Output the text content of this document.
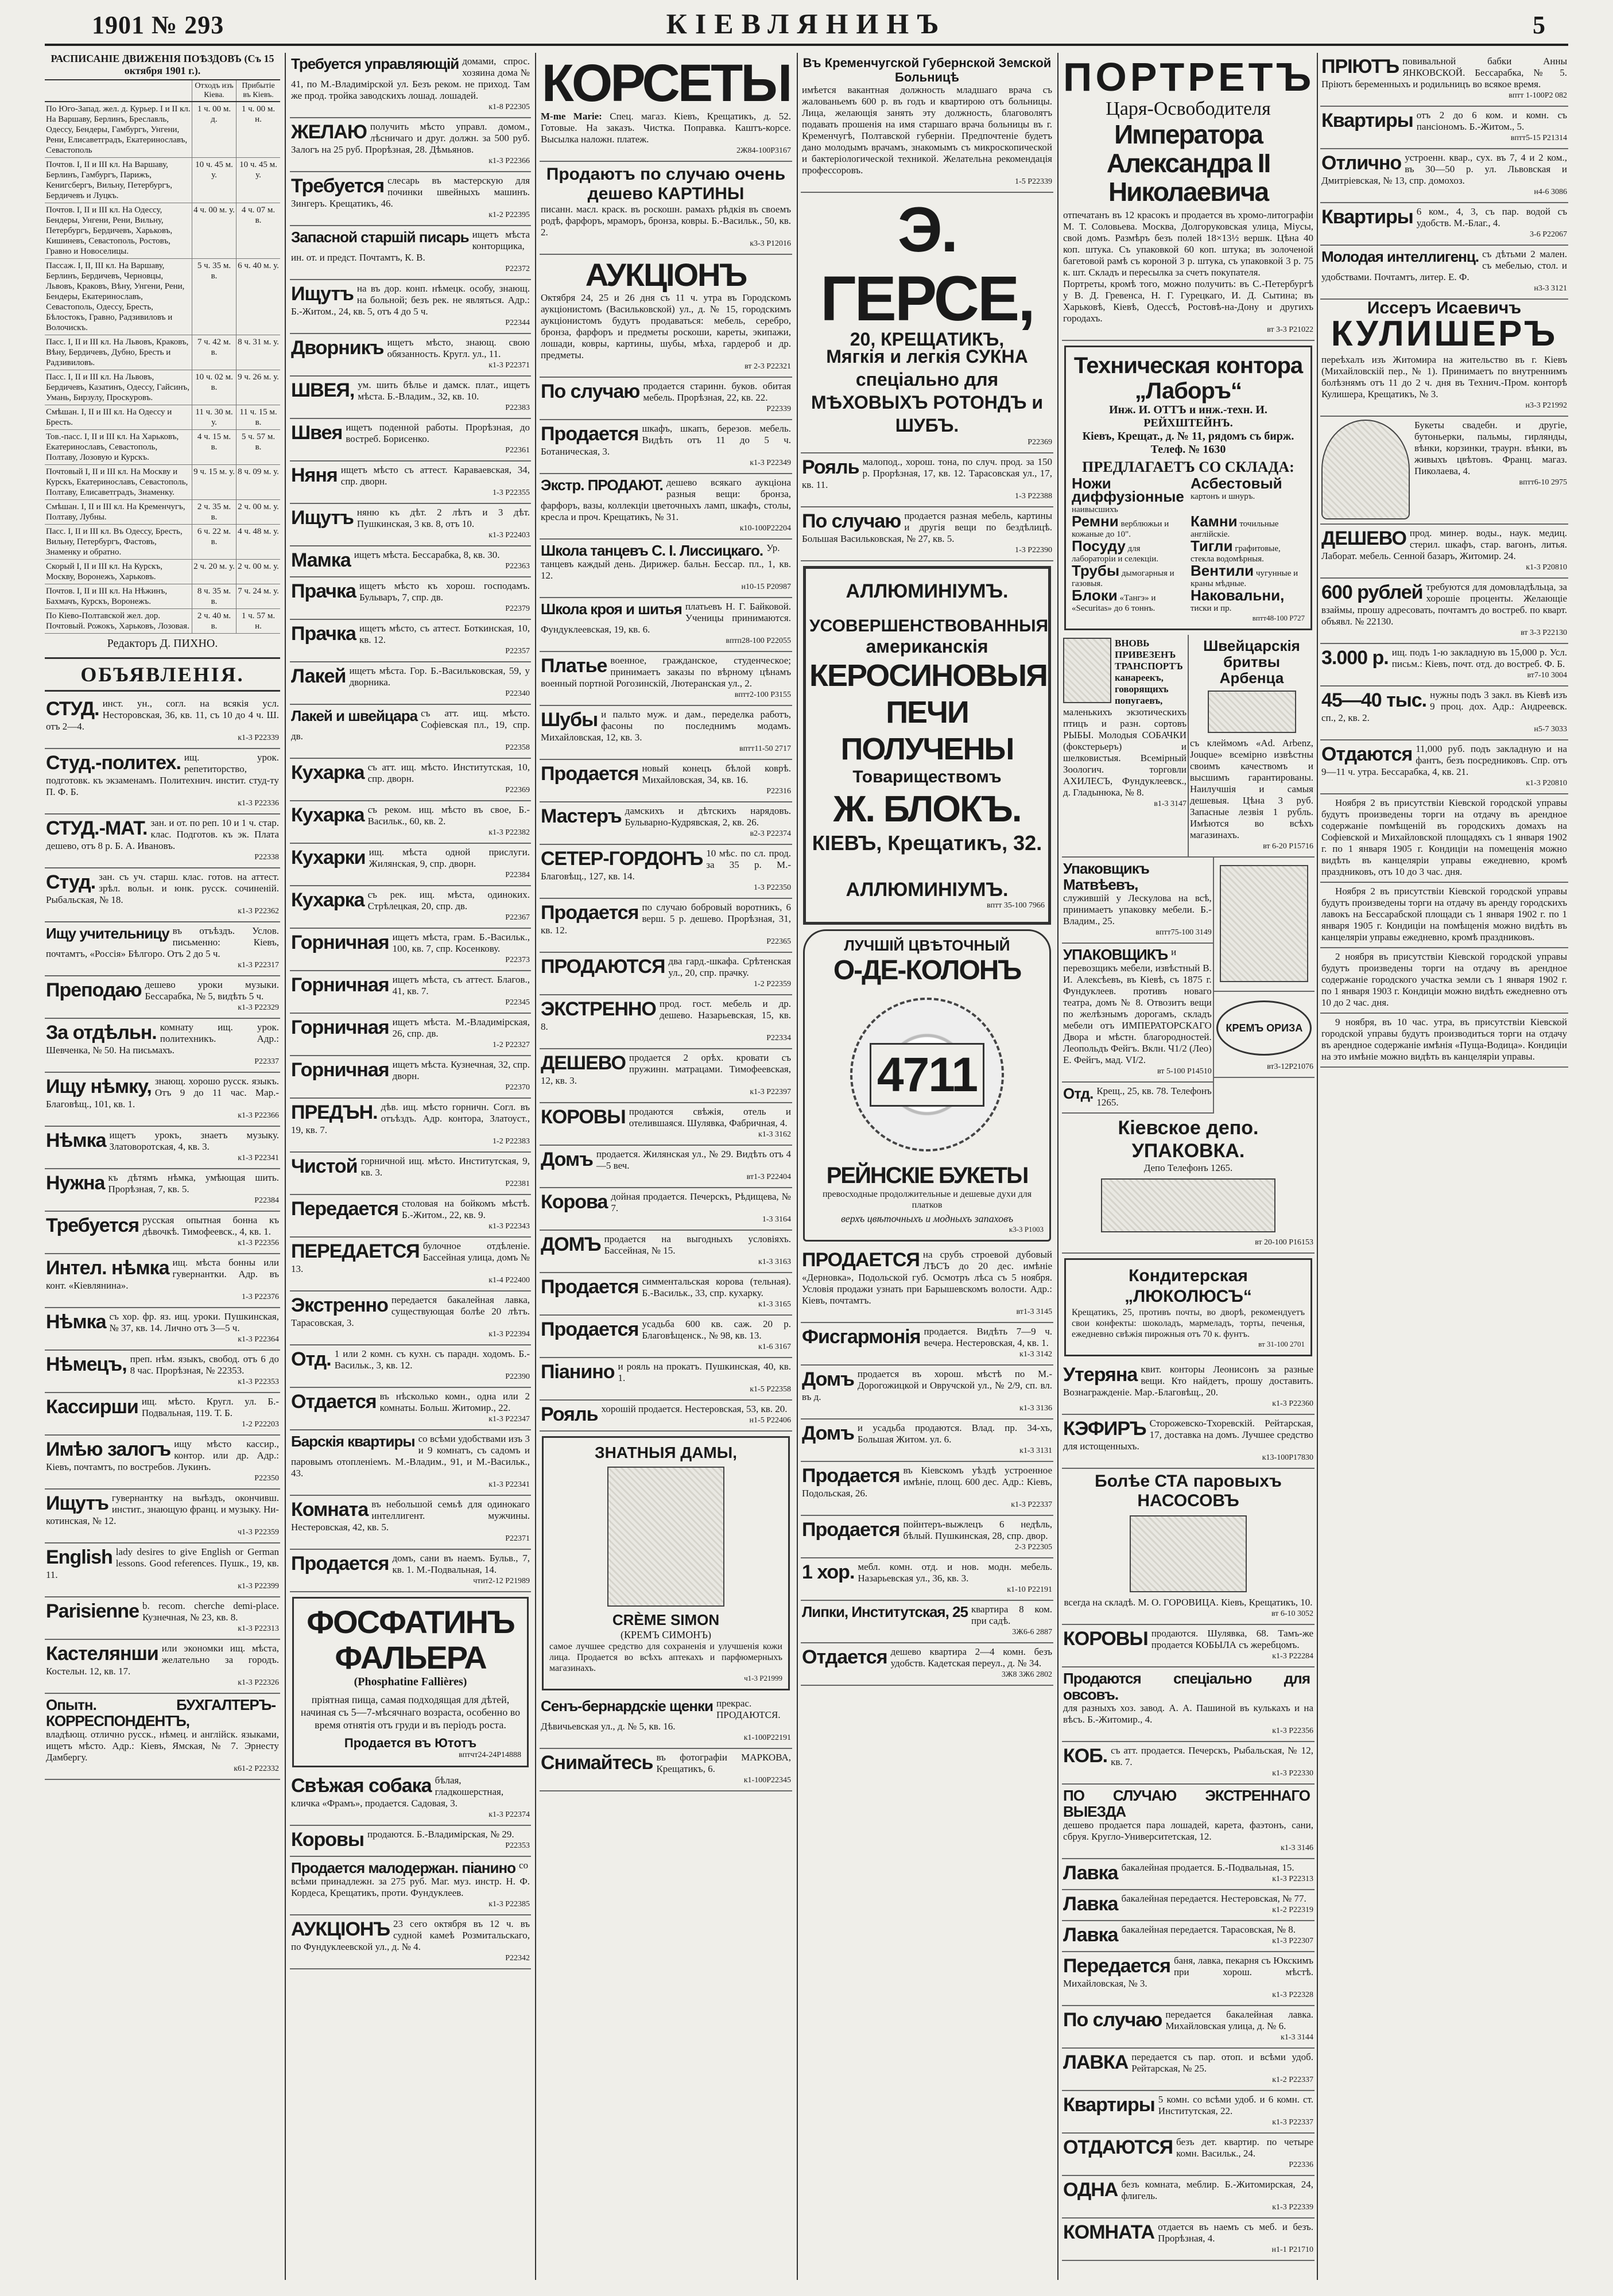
1901 № 293	КІЕВЛЯНИНЪ	5
РАСПИСАНІЕ ДВИЖЕНІЯ ПОѢЗДОВЪ (Съ 15 октября 1901 г.).
Отходъ изъ Кіева.
Прибытіе въ Кіевъ.
По Юго-Запад. жел. д. Курьер. I и II кл. На Варшаву, Берлинъ, Бреславль, Одессу, Бендеры, Гамбургъ, Унгени, Рени, Елисаветградъ, Екатеринославъ, Севастополь	1 ч. 00 м. д.	1 ч. 00 м. н.
Почтов. I, II и III кл. На Варшаву, Берлинъ, Гамбургъ, Парижъ, Кенигсбергъ, Вильну, Петербургъ, Бердичевъ и Луцкъ.	10 ч. 45 м. у.	10 ч. 45 м. у.
Почтов. I, II и III кл. На Одессу, Бендеры, Унгени, Рени, Вильну, Петербургъ, Бердичевъ, Харьковъ, Кишиневъ, Севастополь, Ростовъ, Гравно и Новоселицы.	4 ч. 00 м. у.	4 ч. 07 м. в.
Пассаж. I, II, III кл. На Варшаву, Берлинъ, Бердичевъ, Черновцы, Львовъ, Краковъ, Вѣну, Унгени, Рени, Бендеры, Екатеринославъ, Севастополь, Одессу, Бресть, Бѣлостокъ, Гравно, Радзивиловъ и Волочискъ.	5 ч. 35 м. в.	6 ч. 40 м. у.
Пасс. I, II и III кл. На Львовъ, Краковъ, Вѣну, Бердичевъ, Дубно, Бресть и Радзивиловъ.	7 ч. 42 м. в.	8 ч. 31 м. у.
Пасс. I, II и III кл. На Львовъ, Бердичевъ, Казатинъ, Одессу, Гайсинъ, Умань, Бирзулу, Проскуровъ.	10 ч. 02 м. в.	9 ч. 26 м. у.
Смѣшан. I, II и III кл. На Одессу и Бресть.	11 ч. 30 м. у.	11 ч. 15 м. в.
Тов.-пасс. I, II и III кл. На Харьковъ, Екатеринославъ, Севастополь, Полтаву, Лозовую и Курскъ.	4 ч. 15 м. в.	5 ч. 57 м. в.
Почтовый I, II и III кл. На Москву и Курскъ, Екатеринославъ, Севастополь, Полтаву, Елисаветградъ, Знаменку.	9 ч. 15 м. у.	8 ч. 09 м. у.
Смѣшан. I, II и III кл. На Кременчугъ, Полтаву, Лубны.	2 ч. 35 м. в.	2 ч. 00 м. у.
Пасс. I, II и III кл. Въ Одессу, Бресть, Вильну, Петербургъ, Фастовъ, Знаменку и обратно.	6 ч. 22 м. в.	4 ч. 48 м. у.
Скорый I, II и III кл. На Курскъ, Москву, Воронежъ, Харьковъ.	2 ч. 20 м. у.	2 ч. 00 м. у.
Почтов. I, II и III кл. На Нѣжинъ, Бахмачъ, Курскъ, Воронежъ.	8 ч. 35 м. в.	7 ч. 24 м. у.
По Кіево-Полтавской жел. дор. Почтовый. Рожокъ, Харьковъ, Лозовая.	2 ч. 40 м. в.	1 ч. 57 м. н.
Редакторъ Д. ПИХНО.
ОБЪЯВЛЕНІЯ.
СТУД. инст. ун., согл. на всякія усл. Несторовская, 36, кв. 11, съ 10 до 4 ч. Ш. отъ 2—4.
к1-3 Р22339
Студ.-политех. ищ. урок. репетиторство, подготовк. къ экзаменамъ. Политехнич. инстит. студ-ту П. Ф. Б.
к1-3 Р22336
СТУД.-МАТ. зан. и от. по реп. 10 и 1 ч. стар. клас. Подготов. къ эк. Плата дешево, отъ 8 р. Б. А. Ивановъ.
Р22338
Студ. зан. съ уч. старш. клас. готов. на аттест. зрѣл. вольн. и юнк. русск. сочиненій. Рыбальская, № 18.
к1-3 Р22362
Ищу учительницу въ отъѣздъ. Услов. письменно: Кіевъ, почтамтъ, «Россія» Бѣлгоро. Отъ 2 до 5 ч.
к1-3 Р22317
Преподаю дешево уроки музыки. Бессарабка, № 5, видѣть 5 ч.
к1-3 Р22329
За отдѣльн. комнату ищ. урок. политехникъ. Адр.: Шевченка, № 50. На письмахъ.
Р22337
Ищу нѣмку, знающ. хорошо русск. языкъ. Отъ 9 до 11 час. Мар.-Благовѣщ., 101, кв. 1.
к1-3 Р22366
Нѣмка ищетъ урокъ, знаетъ музыку. Златоворотская, 4, кв. 3.
к1-3 Р22341
Нужна къ дѣтямъ нѣмка, умѣющая шить. Прорѣзная, 7, кв. 5.
Р22384
Требуется русская опытная бонна къ дѣвочкѣ. Тимофеевск., 4, кв. 1.
к1-3 Р22356
Интел. нѣмка ищ. мѣста бонны или гувернантки. Адр. въ конт. «Кіевлянина».
1-3 Р22376
Нѣмка съ хор. фр. яз. ищ. уроки. Пушкинская, № 37, кв. 14. Лично отъ 3—5 ч.
к1-3 Р22364
Нѣмецъ, преп. нѣм. языкъ, свобод. отъ 6 до 8 час. Прорѣзная, № 22353.
к1-3 Р22353
Кассирши ищ. мѣсто. Кругл. ул. Б.-Подвальная, 119. Т. Б.
1-2 Р22203
Имѣю залогъ ищу мѣсто кассир., контор. или др. Адр.: Кіевъ, почтамтъ, по востребов. Лукинъ.
Р22350
Ищутъ гувернантку на выѣздъ, окончивш. инстит., знающую франц. и музыку. Ни-котинская, № 12.
ч1-3 Р22359
English lady desires to give English or German lessons. Good references. Пушк., 19, кв. 11.
к1-3 Р22399
Parisienne b. recom. cherche demi-place. Кузнечная, № 23, кв. 8.
к1-3 Р22313
Кастелянши или экономки ищ. мѣста, желательно за городъ. Костельн. 12, кв. 17.
к1-3 Р22326
Опытн. БУХГАЛТЕРЪ-КОРРЕСПОНДЕНТЪ,
владѣющ. отлично русск., нѣмец. и англійск. языками, ищетъ мѣсто. Адр.: Кіевъ, Ямская, № 7. Эрнесту Дамбергу.
к61-2 Р22332
Требуется управляющій домами, спрос. хозяина дома № 41, по М.-Владимірской ул. Безъ реком. не приход. Там же прод. тройка заводскихъ лошад. лошадей.
к1-8 Р22305
ЖЕЛАЮ получить мѣсто управл. домом., лѣсничаго и друг. должн. за 500 руб. Залогъ на 25 руб. Прорѣзная, 28. Дѣмьянов.
к1-3 Р22366
Требуется слесарь въ мастерскую для починки швейныхъ машинъ. Зингеръ. Крещатикъ, 46.
к1-2 Р22395
Запасной старшій писарь ищетъ мѣста конторщика, ин. от. и предст. Почтамтъ, К. В.
Р22372
Ищутъ на въ дор. конп. нѣмецк. особу, знающ. на больной; безъ рек. не являться. Адр.: Б.-Житом., 24, кв. 5, отъ 4 до 5 ч.
Р22344
Дворникъ ищетъ мѣсто, знающ. свою обязанность. Кругл. ул., 11.
к1-3 Р22371
ШВЕЯ, ум. шить бѣлье и дамск. плат., ищетъ мѣста. Б.-Владим., 32, кв. 10.
Р22383
Швея ищетъ поденной работы. Прорѣзная, до востреб. Борисенко.
Р22361
Няня ищетъ мѣсто съ аттест. Караваевская, 34, спр. дворн.
1-3 Р22355
Ищутъ няню къ дѣт. 2 лѣтъ и 3 дѣт. Пушкинская, 3 кв. 8, отъ 10.
к1-3 Р22403
Мамка ищетъ мѣста. Бессарабка, 8, кв. 30.
Р22363
Прачка ищетъ мѣсто къ хорош. господамъ. Бульваръ, 7, спр. дв.
Р22379
Прачка ищетъ мѣсто, съ аттест. Боткинская, 10, кв. 12.
Р22357
Лакей ищетъ мѣста. Гор. Б.-Васильковская, 59, у дворника.
Р22340
Лакей и швейцара съ атт. ищ. мѣсто. Софіевская пл., 19, спр. дв.
Р22358
Кухарка съ атт. ищ. мѣсто. Институтская, 10, спр. дворн.
Р22369
Кухарка съ реком. ищ. мѣсто въ свое, Б.-Васильк., 60, кв. 2.
к1-3 Р22382
Кухарки ищ. мѣста одной прислуги. Жилянская, 9, спр. дворн.
Р22384
Кухарка съ рек. ищ. мѣста, одиноких. Стрѣлецкая, 20, спр. дв.
Р22367
Горничная ищетъ мѣста, грам. Б.-Васильк., 100, кв. 7, спр. Косенкову.
Р22373
Горничная ищетъ мѣста, съ аттест. Благов., 41, кв. 7.
Р22345
Горничная ищетъ мѣста. М.-Владимірская, 26, спр. дв.
1-2 Р22327
Горничная ищетъ мѣста. Кузнечная, 32, спр. дворн.
Р22370
ПРЕДЪН. дѣв. ищ. мѣсто горничн. Согл. въ отъѣздъ. Адр. контора, Златоуст., 19, кв. 7.
1-2 Р22383
Чистой горничной ищ. мѣсто. Институтская, 9, кв. 3.
Р22381
Передается столовая на бойкомъ мѣстѣ. Б.-Житом., 22, кв. 9.
к1-3 Р22343
ПЕРЕДАЕТСЯ булочное отдѣленіе. Бассейная улица, домъ № 13.
к1-4 Р22400
Экстренно передается бакалейная лавка, существующая болѣе 20 лѣтъ. Тарасовская, 3.
к1-3 Р22394
Отд. 1 или 2 комн. съ кухн. съ парадн. ходомъ. Б.-Васильк., 3, кв. 12.
Р22390
Отдается въ нѣсколько комн., одна или 2 комнаты. Больш. Житомир., 22.
к1-3 Р22347
Барскія квартиры со всѣми удобствами изъ 3 и 9 комнатъ, съ садомъ и паровымъ отопленіемъ. М.-Владим., 91, и М.-Васильк., 43.
к1-3 Р22341
Комната въ небольшой семьѣ для одинокаго интеллигент. мужчины. Нестеровская, 42, кв. 5.
Р22371
Продается домъ, сани въ наемъ. Бульв., 7, кв. 1. М.-Подвальная, 14.
чтит2-12 Р21989
ФОСФАТИНЪ ФАЛЬЕРА
(Phosphatine Fallières)
пріятная пища, самая подходящая для дѣтей, начиная съ 5—7-мѣсячнаго возраста, особенно во время отнятія отъ груди и въ періодъ роста.
Продается въ Ютотъ
вптчт24-24Р14888
Свѣжая собака бѣлая, гладкошерстная, кличка «Фрамъ», продается. Садовая, 3.
к1-3 Р22374
Коровы продаются. Б.-Владимірская, № 29.
Р22353
Продается малодержан. піанино со всѣми принадлежн. за 275 руб. Маг. муз. инстр. Н. Ф. Кордеса, Крещатикъ, проти. Фундуклеев.
к1-3 Р22385
АУКЦІОНЪ 23 сего октября въ 12 ч. въ судной камеѣ Розмитальскаго, по Фундуклеевской ул., д. № 4.
Р22342
КОРСЕТЫ
M-me Marie: Спец. магаз. Кіевъ, Крещатикъ, д. 52. Готовые. На заказъ. Чистка. Поправка. Каштъ-корсе. Высылка наложн. платеж.
2Ж84-100Р3167
Продаютъ по случаю очень дешево КАРТИНЫ
писанн. масл. краск. въ роскошн. рамахъ рѣдкія въ своемъ родѣ, фарфоръ, мраморъ, бронза, ковры. Б.-Васильк., 50, кв. 2.
к3-3 Р12016
АУКЦІОНЪ
Октября 24, 25 и 26 дня съ 11 ч. утра въ Городскомъ аукціонистомъ (Васильковской) ул., д. № 15, городскимъ аукціонистомъ будутъ продаваться: мебель, серебро, бронза, фарфоръ и предметы роскоши, кареты, экипажи, лошади, ковры, картины, шубы, мѣха, гардероб и др. предметы.
вт 2-3 Р22321
По случаю продается старинн. буков. обитая мебель. Прорѣзная, 22, кв. 22.
Р22339
Продается шкафъ, шкапъ, березов. мебель. Видѣть отъ 11 до 5 ч. Ботаническая, 3.
к1-3 Р22349
Экстр. ПРОДАЮТ. дешево всякаго аукціона разныя вещи: бронза, фарфоръ, вазы, коллекціи цветочныхъ ламп, шкафъ, столы, кресла и проч. Крещатикъ, № 31.
к10-100Р22204
Школа танцевъ С. I. Лиссицкаго. Ур. танцевъ каждый день. Дирижер. бальн. Бессар. пл., 1, кв. 12.
н10-15 Р20987
Школа кроя и шитья платьевъ Н. Г. Байковой. Ученицы принимаются. Фундуклеевская, 19, кв. 6.
вптп28-100 Р22055
Платье военное, гражданское, студенческое; принимаетъ заказы по вѣрному цѣнамъ военный портной Рогозинскій, Лютеранская ул., 2.
вптт2-100 Р3155
Шубы и пальто муж. и дам., переделка работъ, фасоны по последнимъ модамъ. Михайловская, 12, кв. 3.
вптт11-50 2717
Продается новый конецъ бѣлой коврѣ. Михайловская, 34, кв. 16.
Р22316
Мастеръ дамскихъ и дѣтскихъ нарядовъ. Бульварно-Кудрявская, 2, кв. 26.
в2-3 Р22374
СЕТЕР-ГОРДОНЪ 10 мѣс. по сл. прод. за 35 р. М.-Благовѣщ., 127, кв. 14.
1-3 Р22350
Продается по случаю бобровый воротникъ, 6 верш. 5 р. дешево. Прорѣзная, 31, кв. 12.
Р22365
ПРОДАЮТСЯ два гард.-шкафа. Срѣтенская ул., 20, спр. прачку.
1-2 Р22359
ЭКСТРЕННО прод. гост. мебель и др. дешево. Назарьевская, 15, кв. 8.
Р22334
ДЕШЕВО продается 2 орѣх. кровати съ пружинн. матрацами. Тимофеевская, 12, кв. 3.
к1-3 Р22397
КОРОВЫ продаются свѣжія, отель и отелившаяся. Шулявка, Фабричная, 4.
к1-3 3162
Домъ продается. Жилянская ул., № 29. Видѣть отъ 4—5 веч.
вт1-3 Р22404
Корова дойная продается. Печерскъ, Рѣдищева, № 7.
1-3 3164
ДОМЪ продается на выгодныхъ условіяхъ. Бассейная, № 15.
к1-3 3163
Продается симментальская корова (тельная). Б.-Васильк., 33, спр. кухарку.
к1-3 3165
Продается усадьба 600 кв. саж. 20 р. Благовѣщенск., № 98, кв. 13.
к1-6 3167
Піанино и рояль на прокатъ. Пушкинская, 40, кв. 1.
к1-5 Р22358
Рояль хорошій продается. Нестеровская, 53, кв. 20.
н1-5 Р22406
ЗНАТНЫЯ ДАМЫ,
CRÈME SIMON
(КРЕМЪ СИМОНЪ)
самое лучшее средство для сохраненія и улучшенія кожи лица. Продается во всѣхъ аптекахъ и парфюмерныхъ магазинахъ.
ч1-3 Р21999
Сенъ-бернардскіе щенки прекрас. ПРОДАЮТСЯ. Дѣвичьевская ул., д. № 5, кв. 16.
к1-100Р22191
Снимайтесь въ фотографіи МАРКОВА, Крещатикъ, 6.
к1-100Р22345
Въ Кременчугской Губернской Земской Больницѣ
имѣется вакантная должность младшаго врача съ жалованьемъ 600 р. въ годъ и квартирою отъ больницы. Лица, желающія занять эту должность, благоволятъ подавать прошенія на имя старшаго врача больницы въ г. Кременчугѣ, Полтавской губерніи. Предпочтеніе будетъ дано молодымъ врачамъ, знакомымъ съ микроскопической и бактеріологической техникой. Желательна рекомендація профессоровъ.
1-5 Р22339
Э. ГЕРСЕ,
20, КРЕЩАТИКЪ,
Мягкія и легкія СУКНА спеціально для МѢХОВЫХЪ РОТОНДЪ и ШУБЪ.
Р22369
Рояль малопод., хорош. тона, по случ. прод. за 150 р. Прорѣзная, 17, кв. 12. Тарасовская ул., 17, кв. 11.
1-3 Р22388
По случаю продается разная мебель, картины и другія вещи по бездѣлицѣ. Большая Васильковская, № 27, кв. 5.
1-3 Р22390
АЛЛЮМИНІУМЪ.
УСОВЕРШЕНСТВОВАННЫЯ
американскія
КЕРОСИНОВЫЯ ПЕЧИ
ПОЛУЧЕНЫ
Товариществомъ
Ж. БЛОКЪ.
КІЕВЪ, Крещатикъ, 32.
АЛЛЮМИНІУМЪ.
вптт 35-100 7966
ЛУЧШІЙ ЦВѢТОЧНЫЙ
О-ДЕ-КОЛОНЪ
4711
РЕЙНСКІЕ БУКЕТЫ
превосходные продолжительные и дешевые духи для платков
верхъ цвѣточныхъ и модныхъ запаховъ
к3-3 Р1003
ПРОДАЕТСЯ на срубъ строевой дубовый ЛѢСЪ до 20 дес. имѣніе «Дерновка», Подольской губ. Осмотръ лѣса съ 5 ноября. Условія продажи узнать при Барышевскомъ волости. Адр.: Кіевъ, почтамтъ.
вт1-3 3145
Фисгармонія продается. Видѣть 7—9 ч. вечера. Нестеровская, 4, кв. 1.
к1-3 3142
Домъ продается въ хорош. мѣстѣ по М.-Дорогожицкой и Овручской ул., № 2/9, сп. вл. въ д.
к1-3 3136
Домъ и усадьба продаются. Влад. пр. 34-хъ, Большая Житом. ул. 6.
к1-3 3131
Продается въ Кіевскомъ уѣздѣ устроенное имѣніе, площ. 600 дес. Адр.: Кіевъ, Подольская, 26.
к1-3 Р22337
Продается пойнтеръ-выжлецъ 6 недѣль, бѣлый. Пушкинская, 28, спр. двор.
2-3 Р22305
1 хор. мебл. комн. отд. и нов. модн. мебель. Назарьевская ул., 36, кв. 3.
к1-10 Р22191
Липки, Институтская, 25 квартира 8 ком. при садѣ.
3Ж6-6 2887
Отдается дешево квартира 2—4 комн. безъ удобств. Кадетская переул., д. № 34.
3Ж8 3Ж6 2802
ПОРТРЕТЪ
Царя-Освободителя
Императора Александра II Николаевича
отпечатанъ въ 12 красокъ и продается въ хромо-литографіи М. Т. Соловьева. Москва, Долгоруковская улица, Міусы, свой домъ. Размѣръ безъ полей 18×13½ вершк. Цѣна 40 коп. штука. Съ упаковкой 60 коп. штука; въ золоченой багетовой рамѣ съ короной 3 р. штука, съ упаковкой 3 р. 75 к. шт. Складъ и пересылка за счетъ покупателя.
Портреты, кромѣ того, можно получить: въ С.-Петербургѣ у В. Д. Гревенса, Н. Г. Гурецкаго, И. Д. Сытина; въ Харьковѣ, Кіевѣ, Одессѣ, Ростовѣ-на-Дону и другихъ городахъ.
вт 3-3 Р21022
Техническая контора „Лаборъ“
Инж. И. ОТТЪ и инж.-техн. И. РЕЙХШТЕЙНЪ.
Кіевъ, Крещат., д. № 11, рядомъ съ бирж. Телеф. № 1630
ПРЕДЛАГАЕТЪ СО СКЛАДА:
Ножи диффузіонные наивысшихъ
Асбестовый картонъ и шнуръ.
Ремни верблюжьи и кожаные до 10".
Камни точильные англійскіе.
Посуду для лабораторіи и селекціи.
Тигли графитовые, стекла водомѣрныя.
Трубы дымогарныя и газовыя.
Вентили чугунные и краны мѣдные.
Блоки «Тангэ» и «Securitas» до 6 тоннъ.
Наковальни, тиски и пр.
вптт48-100 Р727
ВНОВЬ ПРИВЕЗЕНЪ ТРАНСПОРТЪ канареекъ, говорящихъ попугаевъ,
маленькихъ экзотическихъ птицъ и разн. сортовъ РЫБЫ. Молодыя СОБАЧКИ (фокстерьеръ) и шелковистыя. Всемірный Зоологич. торговли АХИЛЕСЪ, Фундуклеевск., д. Гладынюка, № 8.
в1-3 3147
Швейцарскія бритвы Арбенца
съ клеймомъ «Ad. Arbenz, Jouque» всемірно извѣстны своимъ качествомъ и высшимъ гарантированы. Наилучшія и самыя дешевыя. Цѣна 3 руб. Запасные лезвія 1 рубль. Имѣются во всѣхъ магазинахъ.
вт 6-20 Р15716
Упаковщикъ Матвѣевъ,
служившій у Лескулова на всѣ, принимаетъ упаковку мебели. Б.-Владим., 25.
вптт75-100 3149
УПАКОВЩИКЪ и перевозщикъ мебели, извѣстный В. И. Алексѣевъ, въ Кіевѣ, съ 1875 г. Фундуклеев. противъ новаго театра, домъ № 8. Отвозитъ вещи по желѣзнымъ дорогамъ, складъ мебели отъ ИМПЕРАТОРСКАГО Двора и мѣстн. благородностей. Леопольдъ Фейгъ. Вклн. Ч1/2 (Лео) Е. Фейгъ, мад. VI/2.
вт 5-100 Р14510
Отд. Крещ., 25, кв. 78. Телефонъ 1265.
КРЕМЪ ОРИЗА
вт3-12Р21076
Кіевское депо. УПАКОВКА.
Депо Телефонъ 1265.
вт 20-100 Р16153
Кондитерская „ЛЮКОЛЮСЪ“
Крещатикъ, 25, противъ почты, во дворѣ, рекомендуетъ свои конфекты: шоколадъ, мармеладъ, торты, печенья, ежедневно свѣжія пирожныя отъ 70 к. фунтъ.
вт 31-100 2701
Утеряна квит. конторы Леонисонъ за разные вещи. Кто найдетъ, прошу доставить. Вознагражденіе. Мар.-Благовѣщ., 20.
к1-3 Р22360
КЭФИРЪ Сторожевско-Тхоревскій. Рейтарская, 17, доставка на домъ. Лучшее средство для истощенныхъ.
к13-100Р17830
Болѣе СТА паровыхъ НАСОСОВЪ
всегда на складѣ. М. О. ГОРОВИЦА. Кіевъ, Крещатикъ, 10.
вт 6-10 3052
КОРОВЫ продаются. Шулявка, 68. Тамъ-же продается КОБЫЛА съ жеребцомъ.
к1-3 Р22284
Продаются спеціально для овсовъ.
для разныхъ хоз. завод. А. А. Пашиной въ кулькахъ и на вѣсъ. Б.-Житомир., 4.
к1-3 Р22356
КОБ. съ атт. продается. Печерскъ, Рыбальская, № 12, кв. 7.
к1-3 Р22330
ПО СЛУЧАЮ ЭКСТРЕННАГО ВЫЕЗДА
дешево продается пара лошадей, карета, фаэтонъ, сани, сбруя. Кругло-Университетская, 12.
к1-3 3146
Лавка бакалейная продается. Б.-Подвальная, 15.
к1-3 Р22313
Лавка бакалейная передается. Нестеровская, № 77.
к1-2 Р22319
Лавка бакалейная передается. Тарасовская, № 8.
к1-3 Р22307
Передается баня, лавка, пекарня съ Юкскимъ при хорош. мѣстѣ. Михайловская, № 3.
к1-3 Р22328
По случаю передается бакалейная лавка. Михайловская улица, д. № 6.
к1-3 3144
ЛАВКА передается съ пар. отоп. и всѣми удоб. Рейтарская, № 25.
к1-2 Р22337
Квартиры 5 комн. со всѣми удоб. и 6 комн. ст. Институтская, 22.
к1-3 Р22337
ОТДАЮТСЯ безъ дет. квартир. по четыре комн. Васильк., 24.
Р22336
ОДНА безъ комната, меблир. Б.-Житомирская, 24, флигель.
к1-3 Р22339
КОМНАТА отдается въ наемъ съ меб. и безъ. Прорѣзная, 4.
н1-1 Р21710
ПРІЮТЪ повивальной бабки Анны ЯНКОВСКОЙ. Бессарабка, № 5. Пріютъ беременныхъ и родильницъ во всякое время.
вптт 1-100Р2 082
Квартиры отъ 2 до 6 ком. и комн. съ пансіономъ. Б.-Житом., 5.
вптт5-15 Р21314
Отлично устроенн. квар., сух. въ 7, 4 и 2 ком., въ 30—50 р. ул. Львовская и Дмитріевская, № 13, спр. домохоз.
н4-6 3086
Квартиры 6 ком., 4, 3, съ пар. водой съ удобств. М.-Благ., 4.
3-6 Р22067
Молодая интеллигенц. съ дѣтьми 2 мален. съ мебелью, стол. и удобствами. Почтамтъ, литер. Е. Ф.
н3-3 3121
Иссеръ Исаевичъ
КУЛИШЕРЪ
переѣхалъ изъ Житомира на жительство въ г. Кіевъ (Михайловскій пер., № 1). Принимаетъ по внутреннимъ болѣзнямъ отъ 11 до 2 ч. дня въ Технич.-Пром. конторѣ Кулишера, Крещатикъ, № 3.
н3-3 Р21992
Букеты свадебн. и другіе, бутоньерки, пальмы, гирлянды, вѣнки, корзинки, траурн. вѣнки, въ живыхъ цвѣтовъ. Франц. магаз. Пиколаева, 4.
вптт6-10 2975
ДЕШЕВО прод. минер. воды., наук. медиц. стерил. шкафъ, стар. вагонъ, литья. Лаборат. мебель. Сенной базаръ, Житомир. 24.
к1-3 Р20810
600 рублей требуются для домовладѣльца, за хорошіе проценты. Желающіе взаймы, прошу адресовать, почтамтъ до востреб. по кварт. объявл. № 22130.
вт 3-3 Р22130
3.000 р. ищ. подъ 1-ю закладную въ 15,000 р. Усл. письм.: Кіевъ, почт. отд. до востреб. Ф. Б.
вт7-10 3004
45—40 тыс. нужны подъ 3 закл. въ Кіевѣ изъ 9 проц. дох. Адр.: Андреевск. сп., 2, кв. 2.
н5-7 3033
Отдаются 11,000 руб. подъ закладную и на фантъ, безъ посредниковъ. Спр. отъ 9—11 ч. утра. Бессарабка, 4, кв. 21.
к1-3 Р20810
Ноября 2 въ присутствіи Кіевской городской управы будутъ произведены торги на отдачу въ арендное содержаніе помѣщеній въ городскихъ домахъ на Софіевской и Михайловской площадяхъ съ 1 января 1902 г. по 1 января 1905 г. Кондиціи на помещенія можно видѣть въ канцеляріи управы ежедневно, кромѣ праздниковъ, отъ 10 до 3 час. дня.
Ноября 2 въ присутствіи Кіевской городской управы будутъ произведены торги на отдачу въ аренду городскихъ лавокъ на Бессарабской площади съ 1 января 1902 г. по 1 января 1905 г. Кондиціи на помѣщенія можно видѣть въ канцеляріи управы ежедневно, кромѣ праздниковъ.
2 ноября въ присутствіи Кіевской городской управы будутъ произведены торги на отдачу въ арендное содержаніе городского участка земли съ 1 января 1902 г. по 1 января 1903 г. Кондиціи можно видѣть ежедневно отъ 10 до 2 час. дня.
9 ноября, въ 10 час. утра, въ присутствіи Кіевской городской управы будутъ производиться торги на отдачу въ арендное содержаніе имѣнія «Пуща-Водица». Кондиціи на это имѣніе можно видѣть въ канцеляріи управы.
